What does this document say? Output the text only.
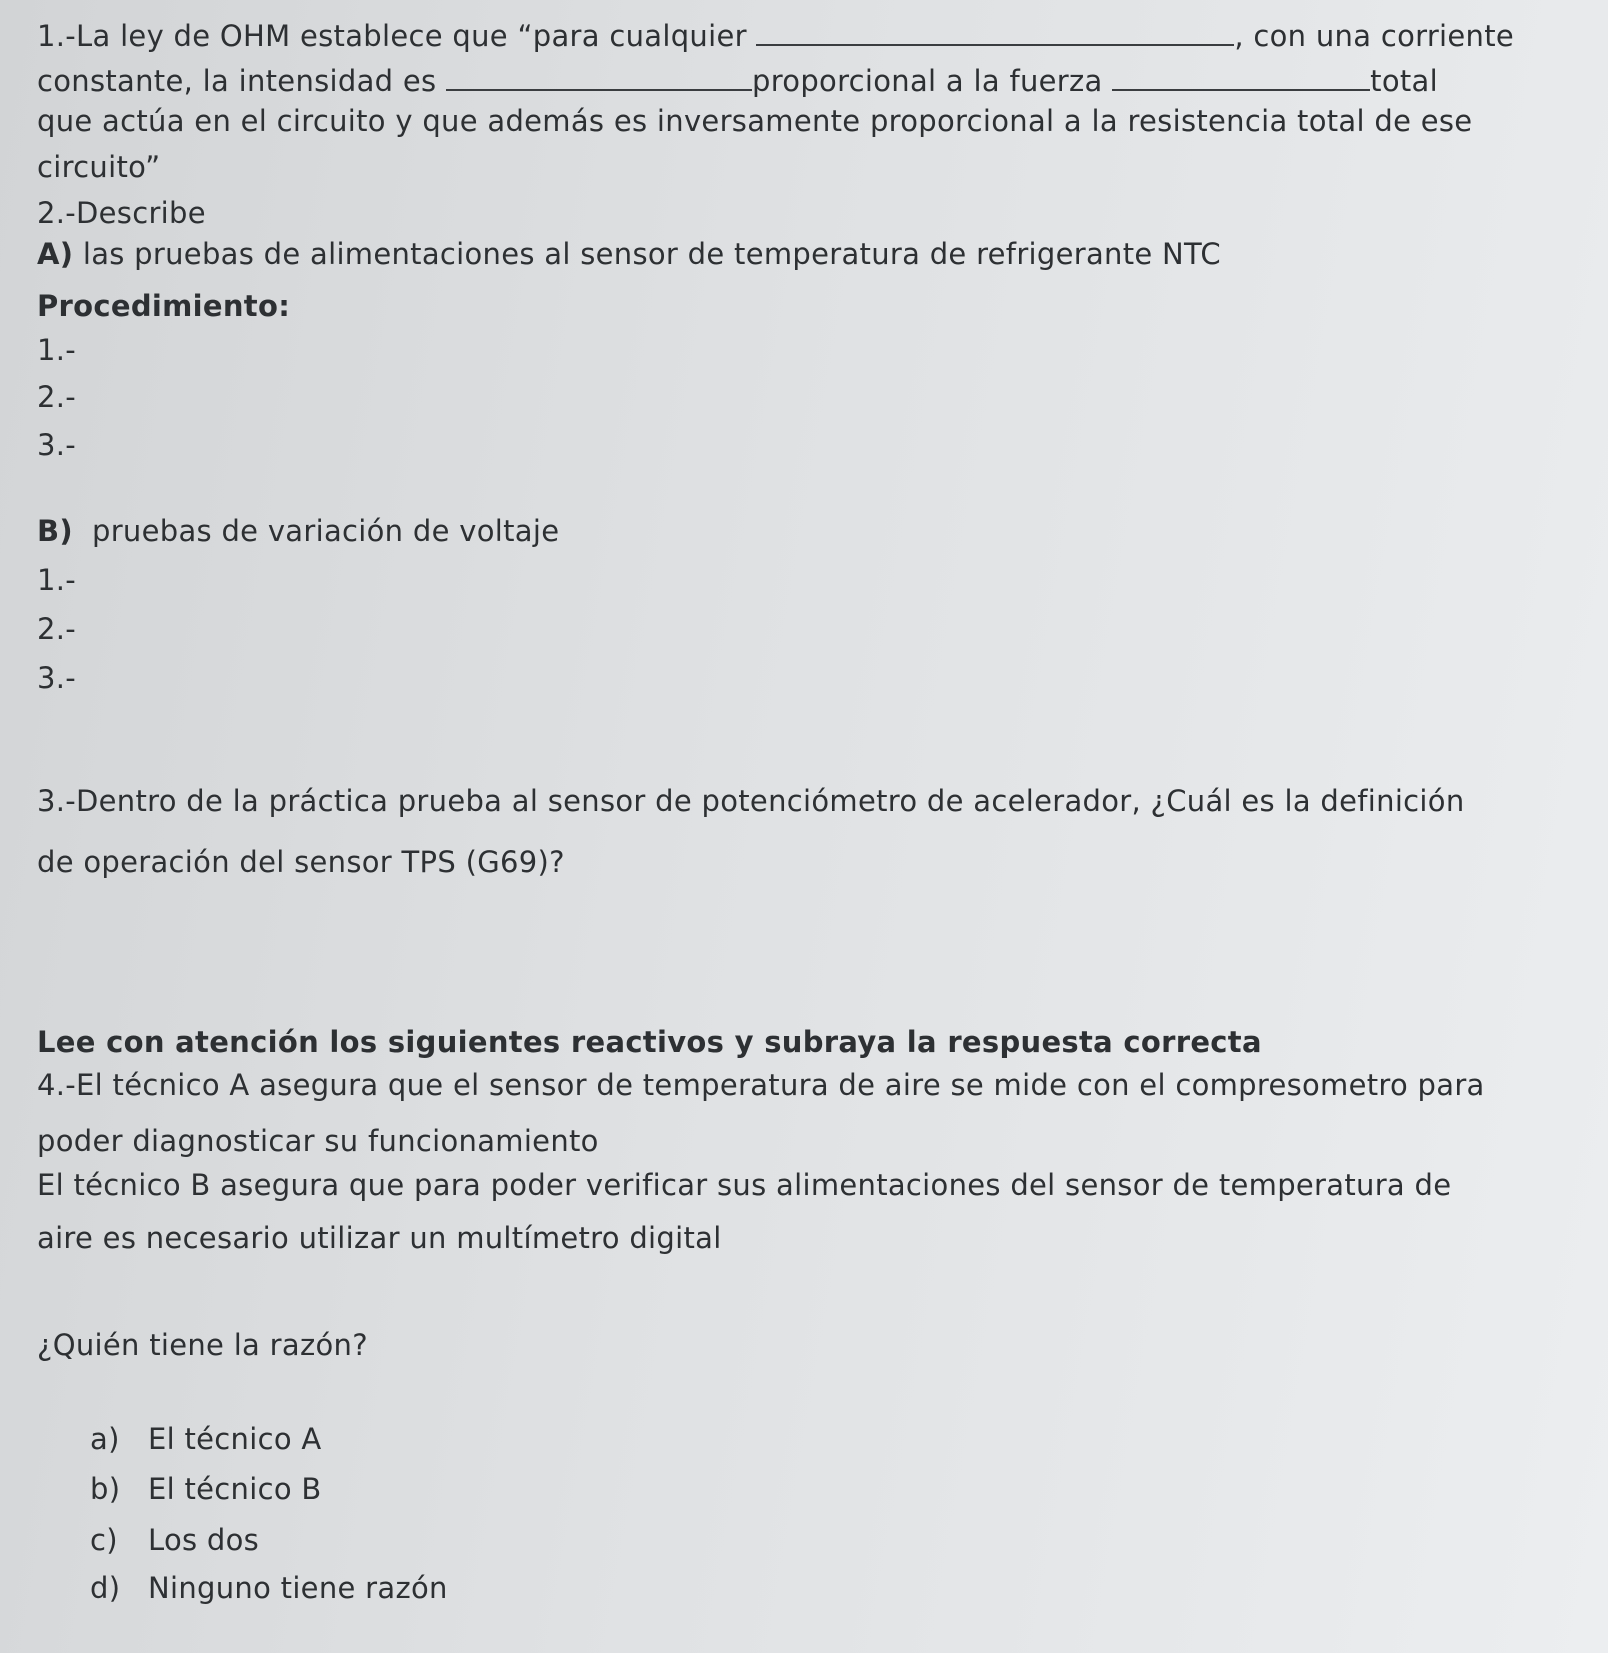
1.-La ley de OHM establece que “para cualquier	, con una corriente
constante, la intensidad es	proporcional a la fuerza	total
que actúa en el circuito y que además es inversamente proporcional a la resistencia total de ese
circuito”
2.-Describe
A) las pruebas de alimentaciones al sensor de temperatura de refrigerante NTC
Procedimiento:
1.-
2.-
3.-
B)  pruebas de variación de voltaje
1.-
2.-
3.-
3.-Dentro de la práctica prueba al sensor de potenciómetro de acelerador, ¿Cuál es la definición
de operación del sensor TPS (G69)?
Lee con atención los siguientes reactivos y subraya la respuesta correcta
4.-El técnico A asegura que el sensor de temperatura de aire se mide con el compresometro para
poder diagnosticar su funcionamiento
El técnico B asegura que para poder verificar sus alimentaciones del sensor de temperatura de
aire es necesario utilizar un multímetro digital
¿Quién tiene la razón?
a) El técnico A
b) El técnico B
c) Los dos
d) Ninguno tiene razón
